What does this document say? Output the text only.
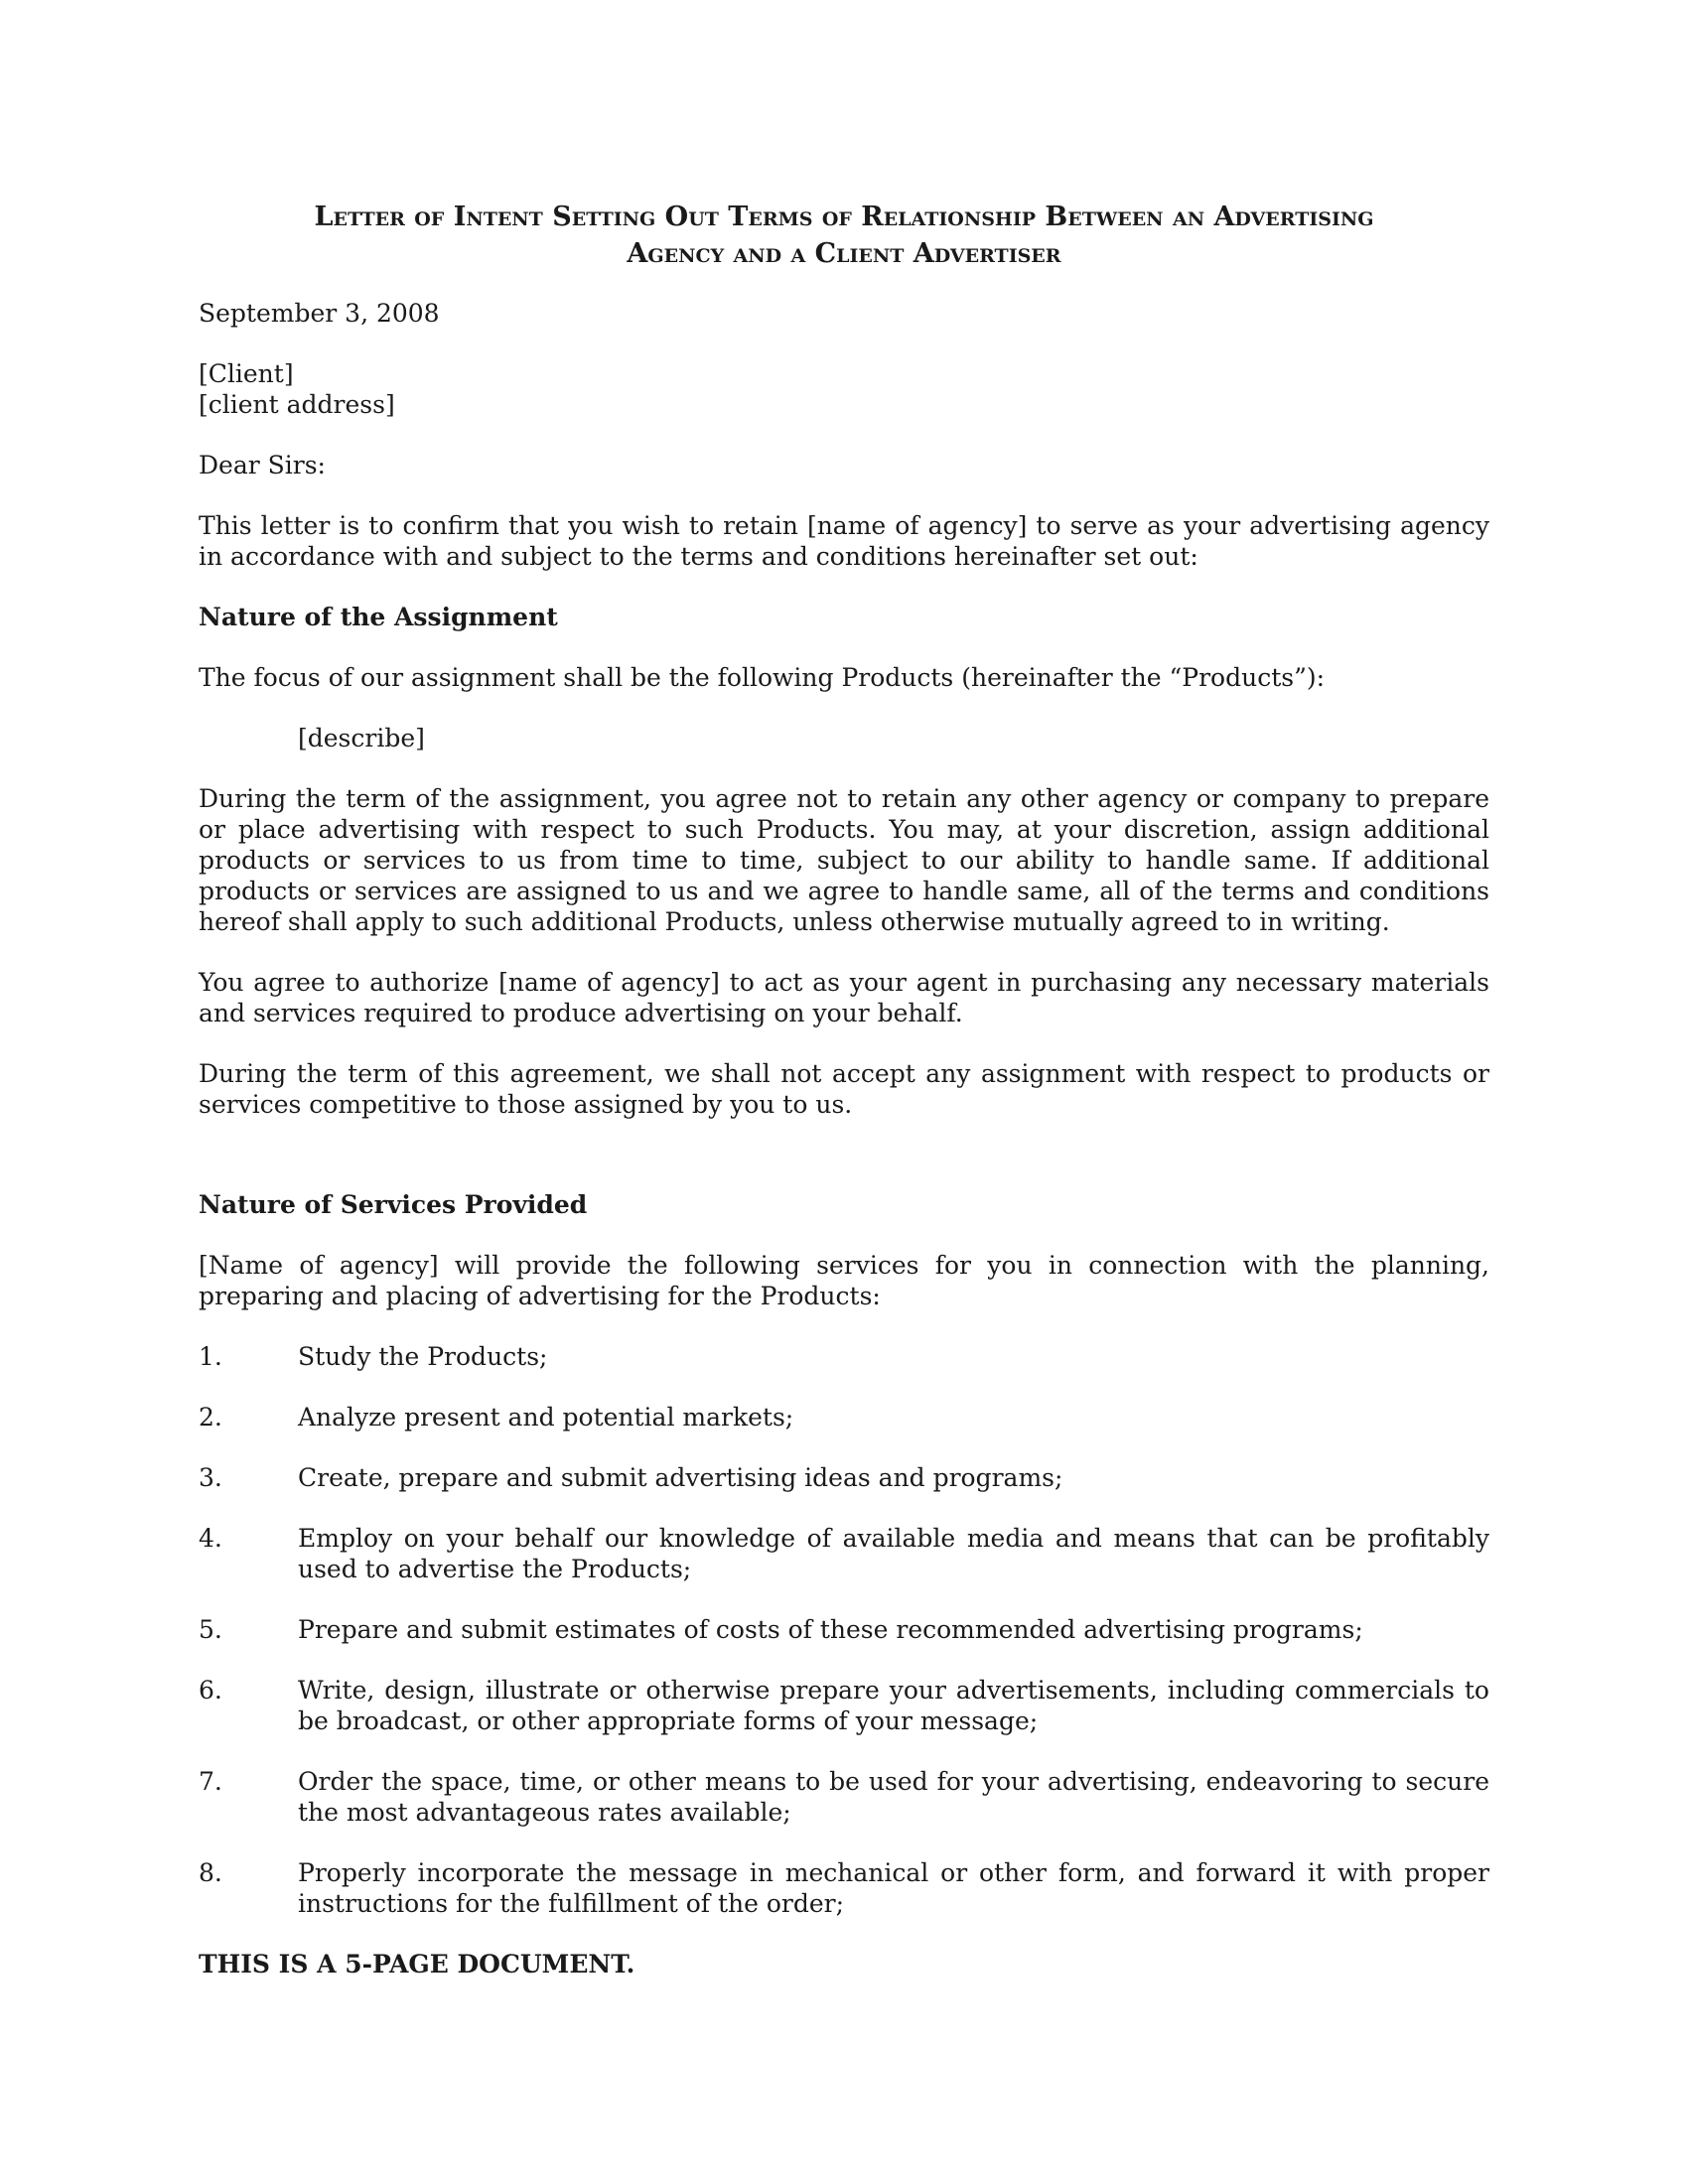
Letter of Intent Setting Out Terms of Relationship Between an Advertising
Agency and a Client Advertiser

September 3, 2008

[Client]

[client address]

Dear Sirs:

This letter is to confirm that you wish to retain [name of agency] to serve as your advertising agency in accordance with and subject to the terms and conditions hereinafter set out:

Nature of the Assignment

The focus of our assignment shall be the following Products (hereinafter the “Products”):

[describe]

During the term of the assignment, you agree not to retain any other agency or company to prepare or place advertising with respect to such Products. You may, at your discretion, assign additional products or services to us from time to time, subject to our ability to handle same. If additional products or services are assigned to us and we agree to handle same, all of the terms and conditions hereof shall apply to such additional Products, unless otherwise mutually agreed to in writing.

You agree to authorize [name of agency] to act as your agent in purchasing any necessary materials and services required to produce advertising on your behalf.

During the term of this agreement, we shall not accept any assignment with respect to products or services competitive to those assigned by you to us.

Nature of Services Provided

[Name of agency] will provide the following services for you in connection with the planning, preparing and placing of advertising for the Products:

1.	Study the Products;
2.	Analyze present and potential markets;
3.	Create, prepare and submit advertising ideas and programs;
4.	Employ on your behalf our knowledge of available media and means that can be profitably used to advertise the Products;
5.	Prepare and submit estimates of costs of these recommended advertising programs;
6.	Write, design, illustrate or otherwise prepare your advertisements, including commercials to be broadcast, or other appropriate forms of your message;
7.	Order the space, time, or other means to be used for your advertising, endeavoring to secure the most advantageous rates available;
8.	Properly incorporate the message in mechanical or other form, and forward it with proper instructions for the fulfillment of the order;

THIS IS A 5-PAGE DOCUMENT.
